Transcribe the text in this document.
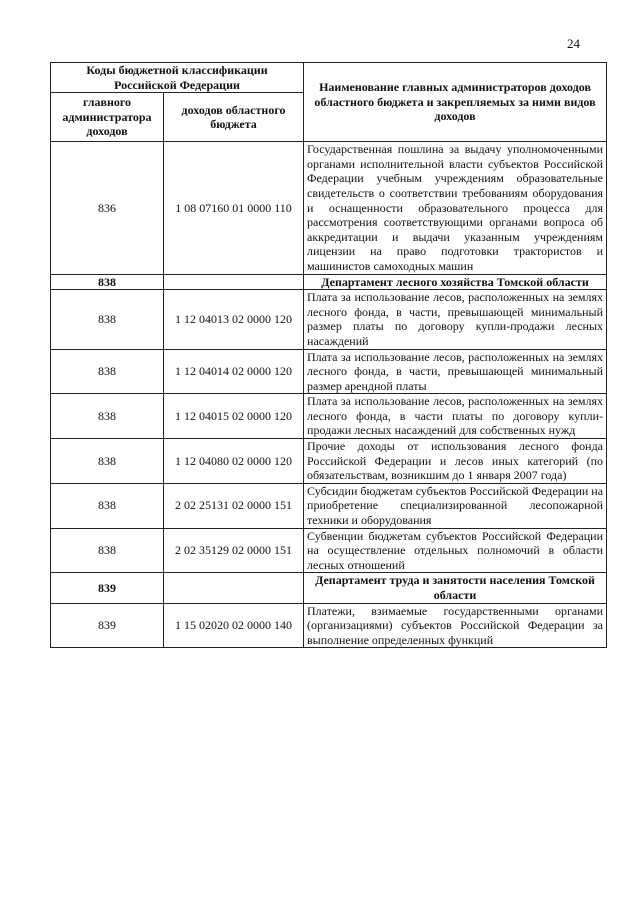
24
Коды бюджетной классификации Российской Федерации		Наименование главных администраторов доходов областного бюджета и закрепляемых за ними видов доходов
главного администратора доходов	доходов областного бюджета	
836	1 08 07160 01 0000 110	Государственная пошлина за выдачу уполномоченными органами исполнительной власти субъектов Российской Федерации учебным учреждениям образовательные свидетельств о соответствии требованиям оборудования и оснащенности образовательного процесса для рассмотрения соответствующими органами вопроса об аккредитации и выдачи указанным учреждениям лицензии на право подготовки трактористов и машинистов самоходных машин
838		Департамент лесного хозяйства Томской области
838	1 12 04013 02 0000 120	Плата за использование лесов, расположенных на землях лесного фонда, в части, превышающей минимальный размер платы по договору купли-продажи лесных насаждений
838	1 12 04014 02 0000 120	Плата за использование лесов, расположенных на землях лесного фонда, в части, превышающей минимальный размер арендной платы
838	1 12 04015 02 0000 120	Плата за использование лесов, расположенных на землях лесного фонда, в части платы по договору купли-продажи лесных насаждений для собственных нужд
838	1 12 04080 02 0000 120	Прочие доходы от использования лесного фонда Российской Федерации и лесов иных категорий (по обязательствам, возникшим до 1 января 2007 года)
838	2 02 25131 02 0000 151	Субсидии бюджетам субъектов Российской Федерации на приобретение специализированной лесопожарной техники и оборудования
838	2 02 35129 02 0000 151	Субвенции бюджетам субъектов Российской Федерации на осуществление отдельных полномочий в области лесных отношений
839		Департамент труда и занятости населения Томской области
839	1 15 02020 02 0000 140	Платежи, взимаемые государственными органами (организациями) субъектов Российской Федерации за выполнение определенных функций
